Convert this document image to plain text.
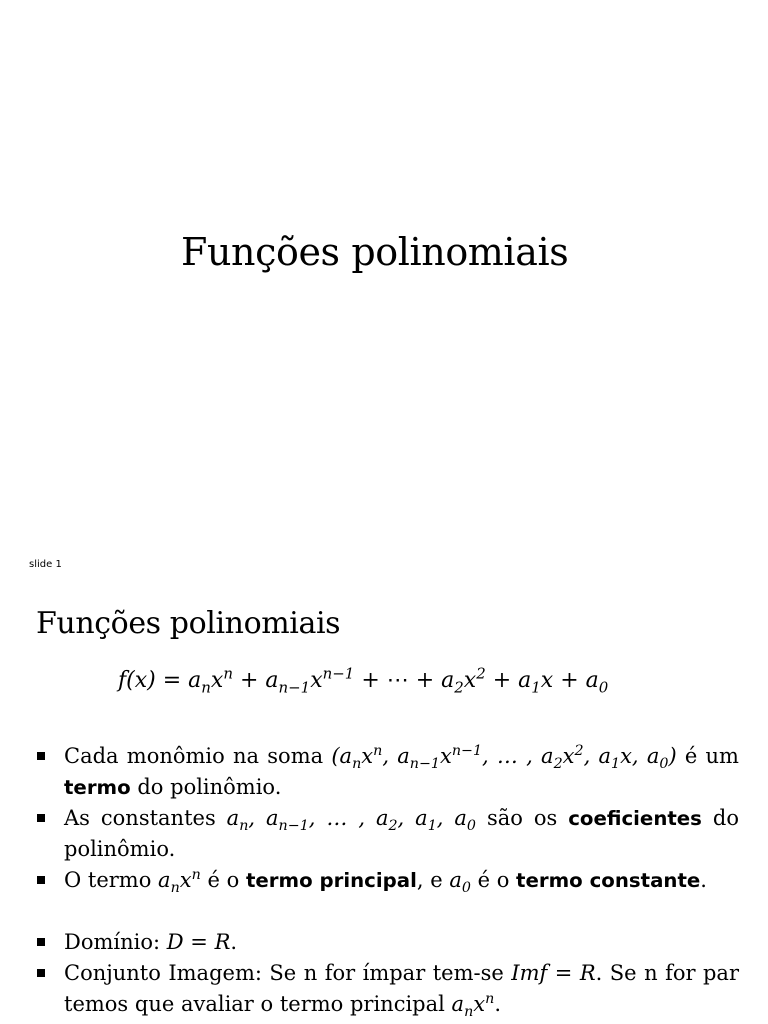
Funções polinomiais
slide 1
Funções polinomiais
$f(x) = a_nx^n + a_{n-1}x^{n-1}$ + ⋯ + $a_2x^2 + a_1x + a_0$
Cada monômio na soma ($a_nx^n$, $a_{n-1}x^{n-1}$, … , $a_2x^2$, $a_1x$, $a_0$) é um termo do polinômio.
As constantes $a_n$, $a_{n-1}$, … , $a_2$, $a_1$, $a_0$ são os coeficientes do polinômio.
O termo $a_nx^n$ é o termo principal, e $a_0$ é o termo constante.
Domínio: D = R.
Conjunto Imagem: Se n for ímpar tem-se Imf = R. Se n for par temos que avaliar o termo principal $a_nx^n$.
